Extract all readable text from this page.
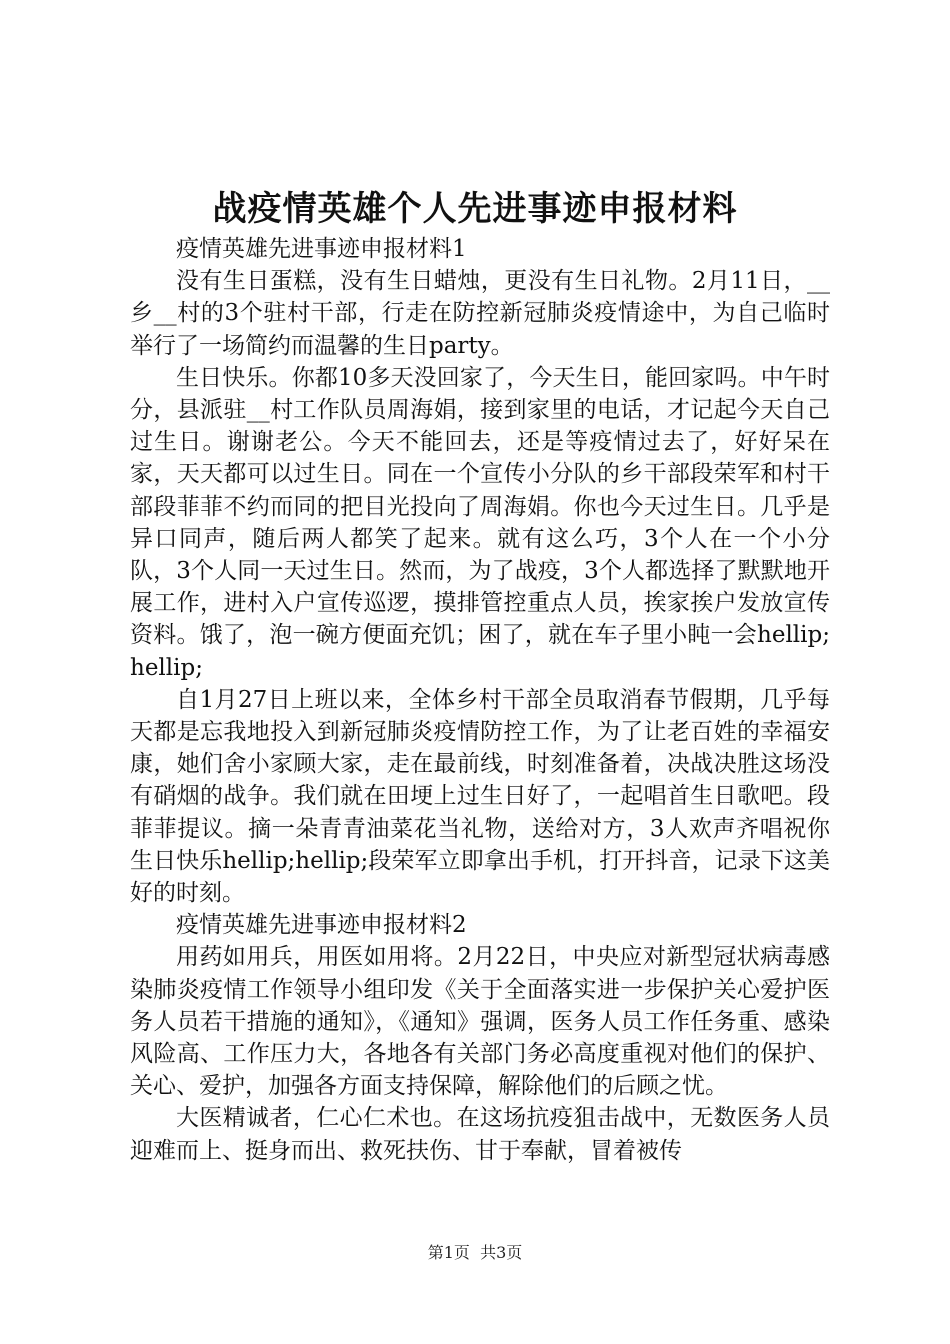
战疫情英雄个人先进事迹申报材料

疫情英雄先进事迹申报材料1

没有生日蛋糕，没有生日蜡烛，更没有生日礼物。2月11日，__乡__村的3个驻村干部，行走在防控新冠肺炎疫情途中，为自己临时举行了一场简约而温馨的生日party。

生日快乐。你都10多天没回家了，今天生日，能回家吗。中午时分，县派驻__村工作队员周海娟，接到家里的电话，才记起今天自己过生日。谢谢老公。今天不能回去，还是等疫情过去了，好好呆在家，天天都可以过生日。同在一个宣传小分队的乡干部段荣军和村干部段菲菲不约而同的把目光投向了周海娟。你也今天过生日。几乎是异口同声，随后两人都笑了起来。就有这么巧，3个人在一个小分队，3个人同一天过生日。然而，为了战疫，3个人都选择了默默地开展工作，进村入户宣传巡逻，摸排管控重点人员，挨家挨户发放宣传资料。饿了，泡一碗方便面充饥；困了，就在车子里小盹一会hellip;hellip;

自1月27日上班以来，全体乡村干部全员取消春节假期，几乎每天都是忘我地投入到新冠肺炎疫情防控工作，为了让老百姓的幸福安康，她们舍小家顾大家，走在最前线，时刻准备着，决战决胜这场没有硝烟的战争。我们就在田埂上过生日好了，一起唱首生日歌吧。段菲菲提议。摘一朵青青油菜花当礼物，送给对方，3人欢声齐唱祝你生日快乐hellip;hellip;段荣军立即拿出手机，打开抖音，记录下这美好的时刻。

疫情英雄先进事迹申报材料2

用药如用兵，用医如用将。2月22日，中央应对新型冠状病毒感染肺炎疫情工作领导小组印发《关于全面落实进一步保护关心爱护医务人员若干措施的通知》，《通知》强调，医务人员工作任务重、感染风险高、工作压力大，各地各有关部门务必高度重视对他们的保护、关心、爱护，加强各方面支持保障，解除他们的后顾之忧。

大医精诚者，仁心仁术也。在这场抗疫狙击战中，无数医务人员迎难而上、挺身而出、救死扶伤、甘于奉献，冒着被传

第1页 共3页
